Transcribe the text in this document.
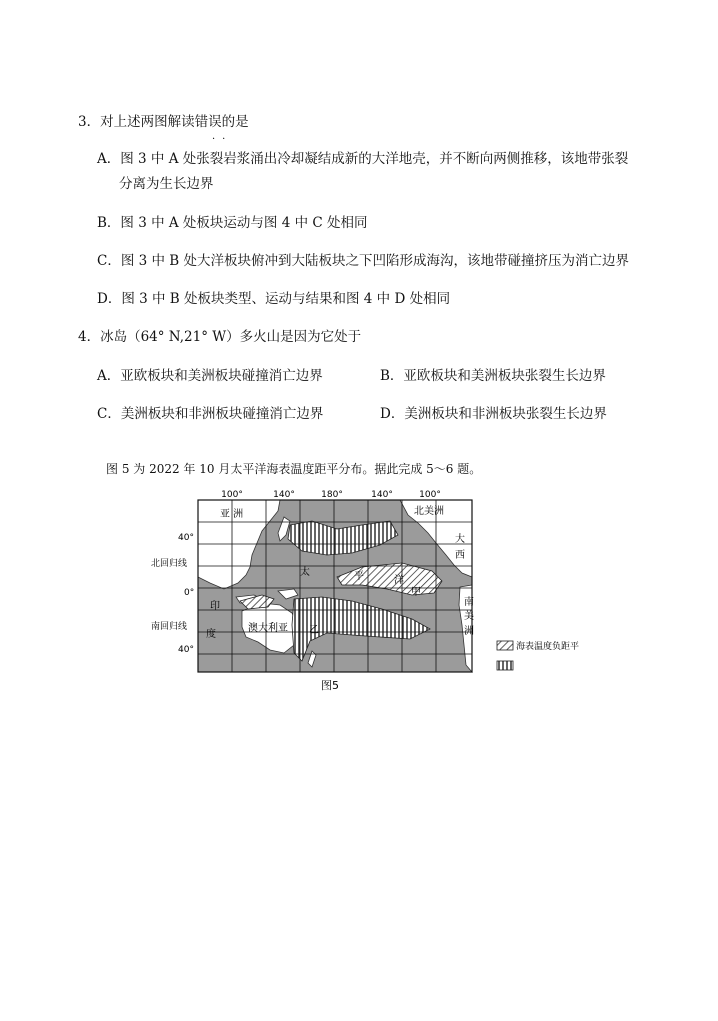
3．对上述两图解读错误的是
··
A．图 3 中 A 处张裂岩浆涌出冷却凝结成新的大洋地壳，并不断向两侧推移，该地带张裂
分离为生长边界
B．图 3 中 A 处板块运动与图 4 中 C 处相同
C．图 3 中 B 处大洋板块俯冲到大陆板块之下凹陷形成海沟，该地带碰撞挤压为消亡边界
D．图 3 中 B 处板块类型、运动与结果和图 4 中 D 处相同
4．冰岛（64° N,21° W）多火山是因为它处于
A．亚欧板块和美洲板块碰撞消亡边界	B．亚欧板块和美洲板块张裂生长边界
C．美洲板块和非洲板块碰撞消亡边界	D．美洲板块和非洲板块张裂生长边界
图 5 为 2022 年 10 月太平洋海表温度距平分布。据此完成 5～6 题。
100°	140°	180°	140°	100°
40°
北回归线
0°
南回归线
40°
亚 洲	北美洲
太	平	洋
印
度
澳大利亚
大
西
南
美
洲
甲
乙
图5
海表温度负距平
